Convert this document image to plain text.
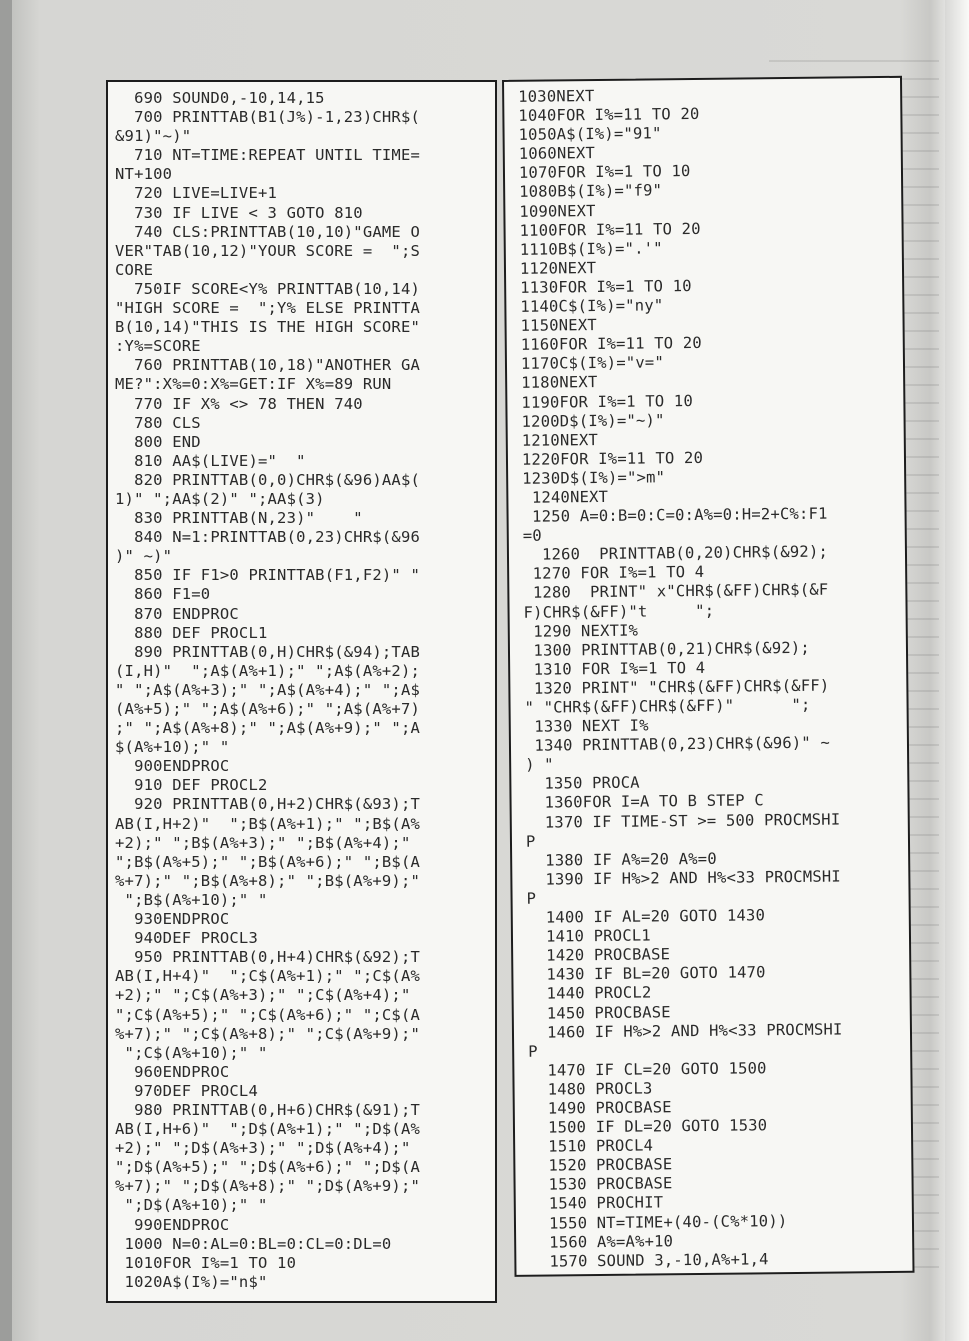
690 SOUND0,-10,14,15
700 PRINTTAB(B1(J%)-1,23)CHR$(
&91)"~)"
710 NT=TIME:REPEAT UNTIL TIME=
NT+100
720 LIVE=LIVE+1
730 IF LIVE < 3 GOTO 810
740 CLS:PRINTTAB(10,10)"GAME O
VER"TAB(10,12)"YOUR SCORE =  ";S
CORE
750IF SCORE<Y% PRINTTAB(10,14)
"HIGH SCORE =  ";Y% ELSE PRINTTA
B(10,14)"THIS IS THE HIGH SCORE"
:Y%=SCORE
760 PRINTTAB(10,18)"ANOTHER GA
ME?":X%=0:X%=GET:IF X%=89 RUN
770 IF X% <> 78 THEN 740
780 CLS
800 END
810 AA$(LIVE)="  "
820 PRINTTAB(0,0)CHR$(&96)AA$(
1)" ";AA$(2)" ";AA$(3)
830 PRINTTAB(N,23)"    "
840 N=1:PRINTTAB(0,23)CHR$(&96
)" ~)"
850 IF F1>0 PRINTTAB(F1,F2)" "
860 F1=0
870 ENDPROC
880 DEF PROCL1
890 PRINTTAB(0,H)CHR$(&94);TAB
(I,H)"  ";A$(A%+1);" ";A$(A%+2);
" ";A$(A%+3);" ";A$(A%+4);" ";A$
(A%+5);" ";A$(A%+6);" ";A$(A%+7)
;" ";A$(A%+8);" ";A$(A%+9);" ";A
$(A%+10);" "
900ENDPROC
910 DEF PROCL2
920 PRINTTAB(0,H+2)CHR$(&93);T
AB(I,H+2)"  ";B$(A%+1);" ";B$(A%
+2);" ";B$(A%+3);" ";B$(A%+4);"
";B$(A%+5);" ";B$(A%+6);" ";B$(A
%+7);" ";B$(A%+8);" ";B$(A%+9);"
";B$(A%+10);" "
930ENDPROC
940DEF PROCL3
950 PRINTTAB(0,H+4)CHR$(&92);T
AB(I,H+4)"  ";C$(A%+1);" ";C$(A%
+2);" ";C$(A%+3);" ";C$(A%+4);"
";C$(A%+5);" ";C$(A%+6);" ";C$(A
%+7);" ";C$(A%+8);" ";C$(A%+9);"
";C$(A%+10);" "
960ENDPROC
970DEF PROCL4
980 PRINTTAB(0,H+6)CHR$(&91);T
AB(I,H+6)"  ";D$(A%+1);" ";D$(A%
+2);" ";D$(A%+3);" ";D$(A%+4);"
";D$(A%+5);" ";D$(A%+6);" ";D$(A
%+7);" ";D$(A%+8);" ";D$(A%+9);"
";D$(A%+10);" "
990ENDPROC
1000 N=0:AL=0:BL=0:CL=0:DL=0
1010FOR I%=1 TO 10
1020A$(I%)="n$"
1030NEXT
1040FOR I%=11 TO 20
1050A$(I%)="91"
1060NEXT
1070FOR I%=1 TO 10
1080B$(I%)="f9"
1090NEXT
1100FOR I%=11 TO 20
1110B$(I%)=".'"
1120NEXT
1130FOR I%=1 TO 10
1140C$(I%)="ny"
1150NEXT
1160FOR I%=11 TO 20
1170C$(I%)="v="
1180NEXT
1190FOR I%=1 TO 10
1200D$(I%)="~)"
1210NEXT
1220FOR I%=11 TO 20
1230D$(I%)=">m"
1240NEXT
1250 A=0:B=0:C=0:A%=0:H=2+C%:F1
=0
1260  PRINTTAB(0,20)CHR$(&92);
1270 FOR I%=1 TO 4
1280  PRINT" x"CHR$(&FF)CHR$(&F
F)CHR$(&FF)"t     ";
1290 NEXTI%
1300 PRINTTAB(0,21)CHR$(&92);
1310 FOR I%=1 TO 4
1320 PRINT" "CHR$(&FF)CHR$(&FF)
" "CHR$(&FF)CHR$(&FF)"      ";
1330 NEXT I%
1340 PRINTTAB(0,23)CHR$(&96)" ~
) "
1350 PROCA
1360FOR I=A TO B STEP C
1370 IF TIME-ST >= 500 PROCMSHI
P
1380 IF A%=20 A%=0
1390 IF H%>2 AND H%<33 PROCMSHI
P
1400 IF AL=20 GOTO 1430
1410 PROCL1
1420 PROCBASE
1430 IF BL=20 GOTO 1470
1440 PROCL2
1450 PROCBASE
1460 IF H%>2 AND H%<33 PROCMSHI
P
1470 IF CL=20 GOTO 1500
1480 PROCL3
1490 PROCBASE
1500 IF DL=20 GOTO 1530
1510 PROCL4
1520 PROCBASE
1530 PROCBASE
1540 PROCHIT
1550 NT=TIME+(40-(C%*10))
1560 A%=A%+10
1570 SOUND 3,-10,A%+1,4
